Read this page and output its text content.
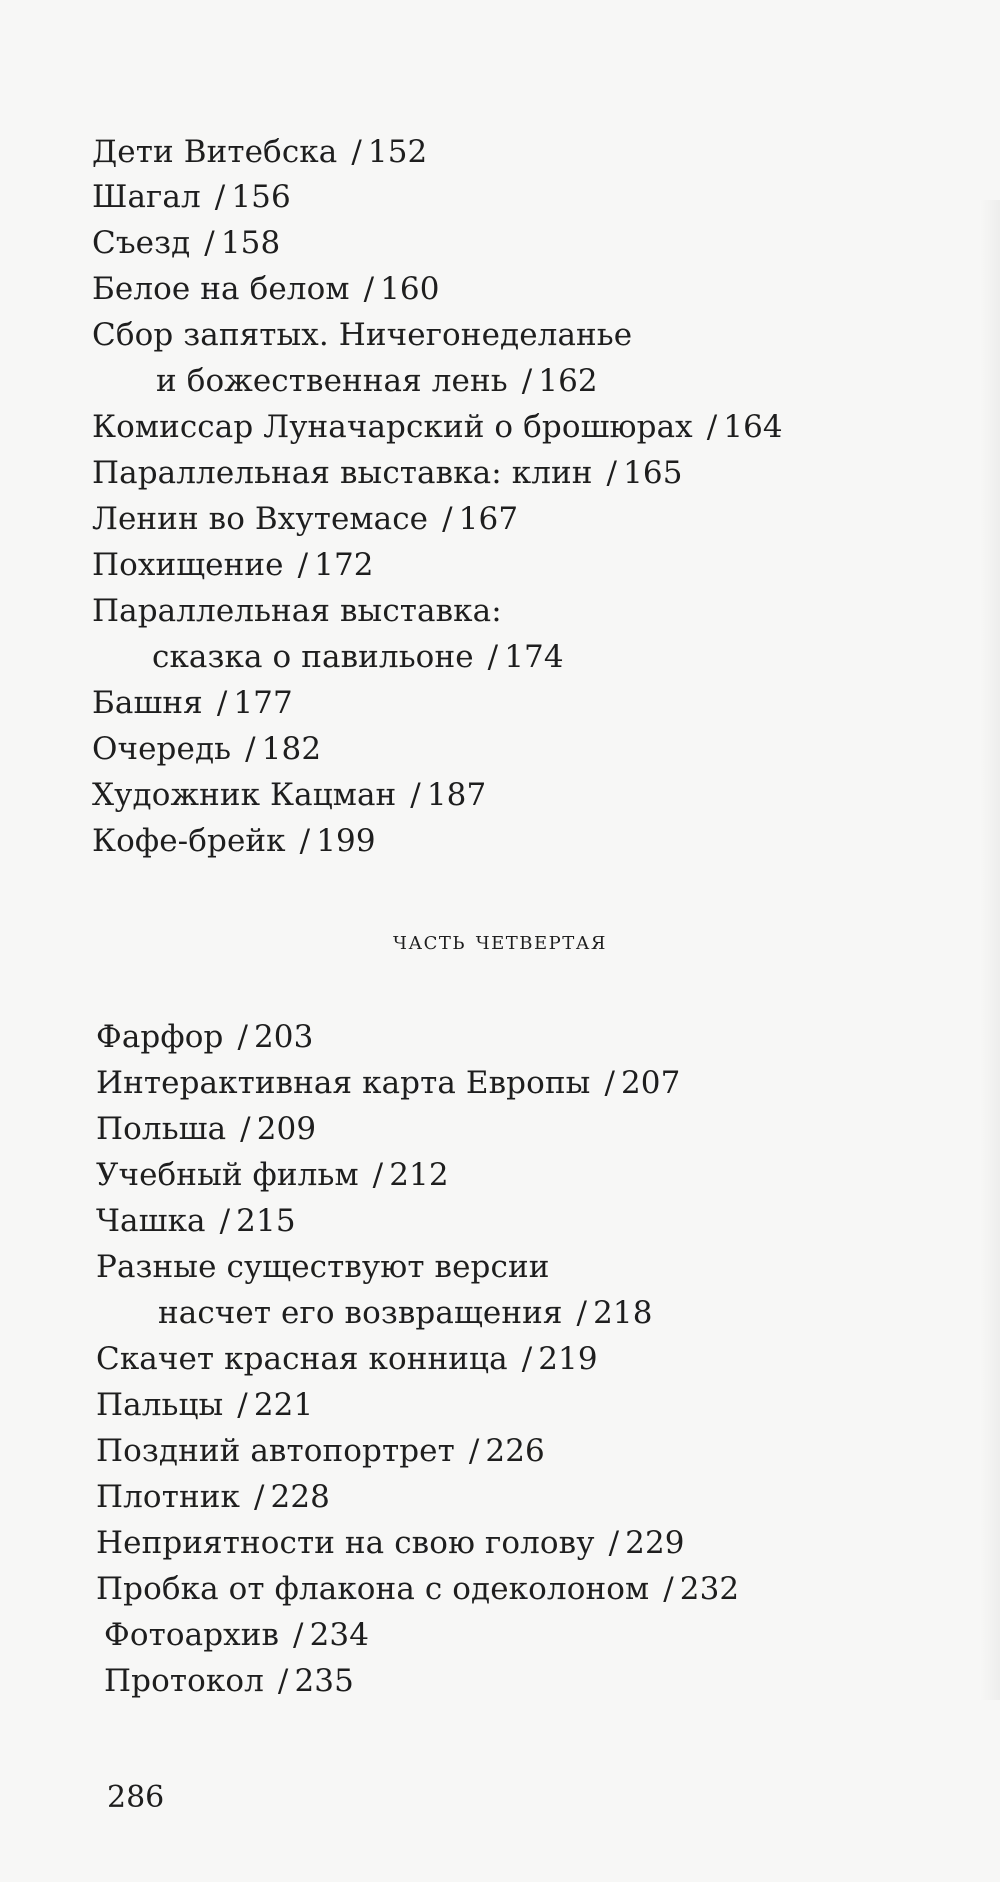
Дети Витебска / 152
Шагал / 156
Съезд / 158
Белое на белом / 160
Сбор запятых. Ничегонеделанье
и божественная лень / 162
Комиссар Луначарский о брошюрах / 164
Параллельная выставка: клин / 165
Ленин во Вхутемасе / 167
Похищение / 172
Параллельная выставка:
сказка о павильоне / 174
Башня / 177
Очередь / 182
Художник Кацман / 187
Кофе-брейк / 199
часть четвертая
Фарфор / 203
Интерактивная карта Европы / 207
Польша / 209
Учебный фильм / 212
Чашка / 215
Разные существуют версии
насчет его возвращения / 218
Скачет красная конница / 219
Пальцы / 221
Поздний автопортрет / 226
Плотник / 228
Неприятности на свою голову / 229
Пробка от флакона с одеколоном / 232
Фотоархив / 234
Протокол / 235
286
